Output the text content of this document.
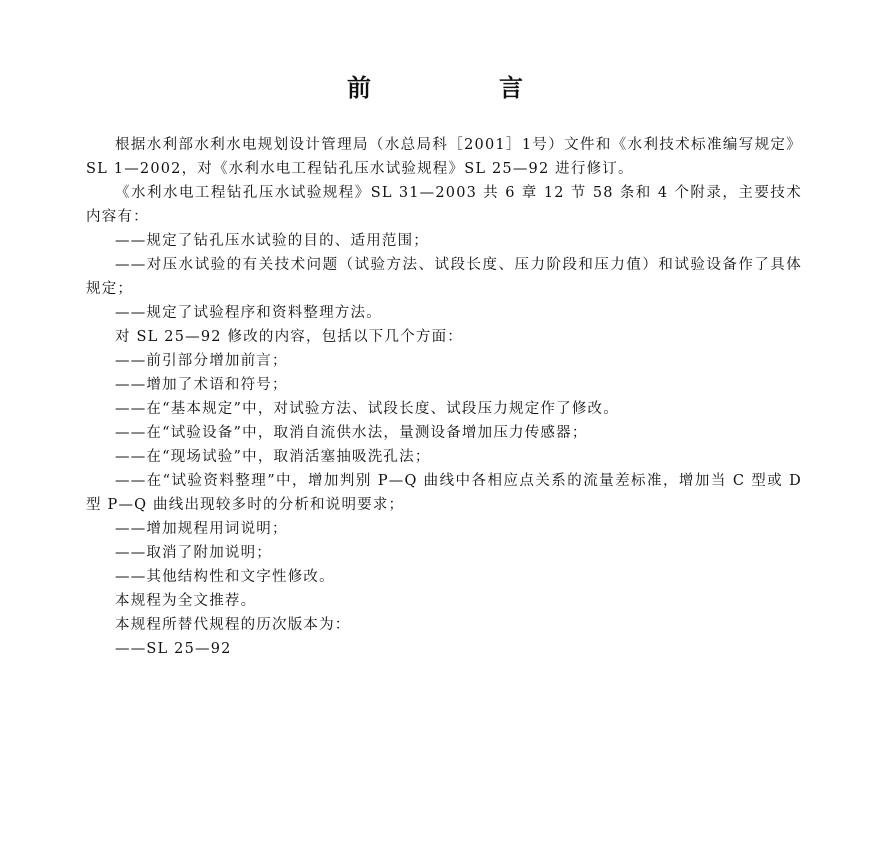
前　言

根据水利部水利水电规划设计管理局（水总局科［2001］1号）文件和《水利技术标准编写规定》SL 1—2002，对《水利水电工程钻孔压水试验规程》SL 25—92 进行修订。

《水利水电工程钻孔压水试验规程》SL 31—2003 共 6 章 12 节 58 条和 4 个附录，主要技术内容有：

——规定了钻孔压水试验的目的、适用范围；

——对压水试验的有关技术问题（试验方法、试段长度、压力阶段和压力值）和试验设备作了具体规定；

——规定了试验程序和资料整理方法。

对 SL 25—92 修改的内容，包括以下几个方面：

——前引部分增加前言；

——增加了术语和符号；

——在“基本规定”中，对试验方法、试段长度、试段压力规定作了修改。

——在“试验设备”中，取消自流供水法，量测设备增加压力传感器；

——在“现场试验”中，取消活塞抽吸洗孔法；

——在“试验资料整理”中，增加判别 P—Q 曲线中各相应点关系的流量差标准，增加当 C 型或 D 型 P—Q 曲线出现较多时的分析和说明要求；

——增加规程用词说明；

——取消了附加说明；

——其他结构性和文字性修改。

本规程为全文推荐。

本规程所替代规程的历次版本为：

——SL 25—92
